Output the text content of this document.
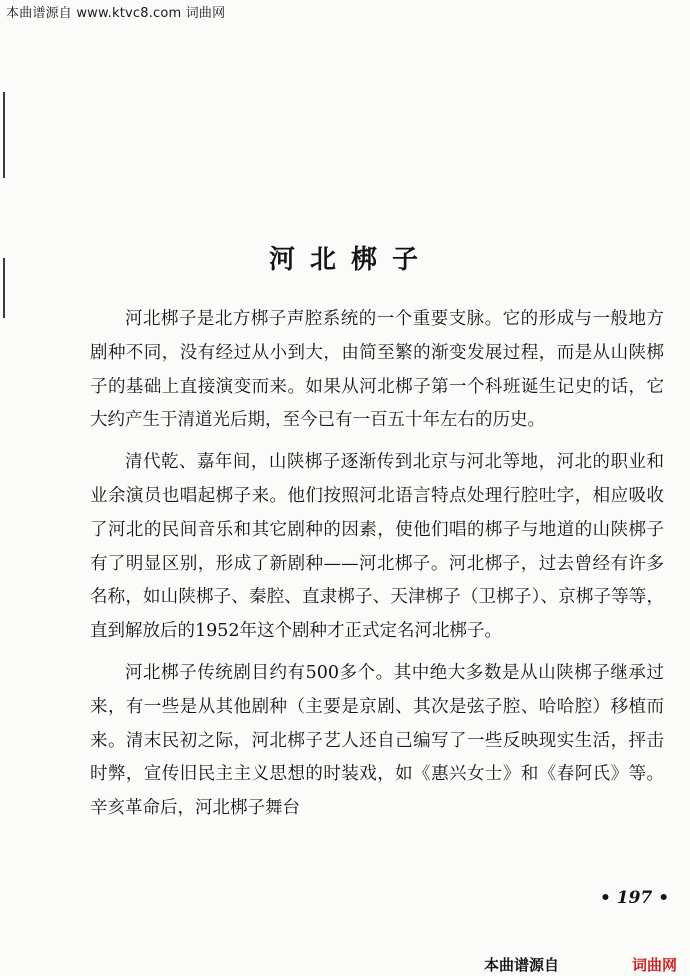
本曲谱源自 www.ktvc8.com 词曲网
河北梆子

河北梆子是北方梆子声腔系统的一个重要支脉。它的形成与一般地方剧种不同，没有经过从小到大，由简至繁的渐变发展过程，而是从山陕梆子的基础上直接演变而来。如果从河北梆子第一个科班诞生记史的话，它大约产生于清道光后期，至今已有一百五十年左右的历史。

清代乾、嘉年间，山陕梆子逐渐传到北京与河北等地，河北的职业和业余演员也唱起梆子来。他们按照河北语言特点处理行腔吐字，相应吸收了河北的民间音乐和其它剧种的因素，使他们唱的梆子与地道的山陕梆子有了明显区别，形成了新剧种——河北梆子。河北梆子，过去曾经有许多名称，如山陕梆子、秦腔、直隶梆子、天津梆子（卫梆子）、京梆子等等，直到解放后的1952年这个剧种才正式定名河北梆子。

河北梆子传统剧目约有500多个。其中绝大多数是从山陕梆子继承过来，有一些是从其他剧种（主要是京剧、其次是弦子腔、哈哈腔）移植而来。清末民初之际，河北梆子艺人还自己编写了一些反映现实生活，抨击时弊，宣传旧民主主义思想的时装戏，如《惠兴女士》和《春阿氏》等。辛亥革命后，河北梆子舞台

• 197 •
本曲谱源自	词曲网
